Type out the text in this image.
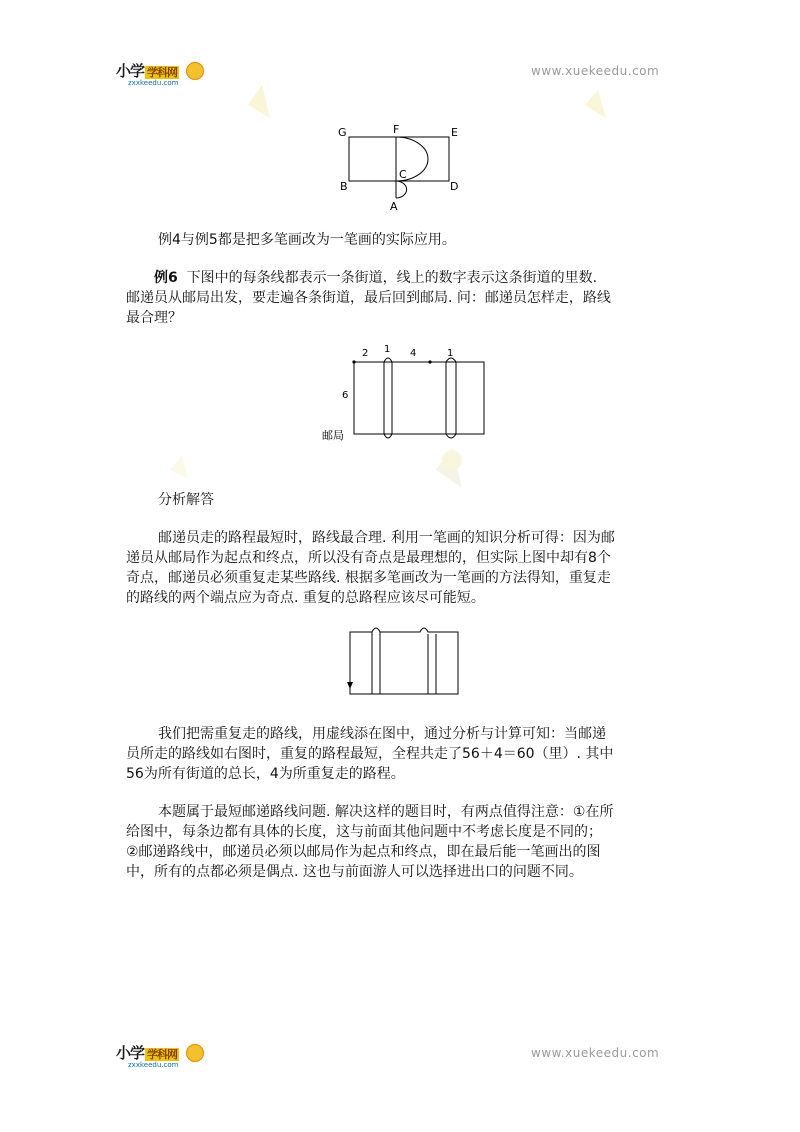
小学 学科网
zxxkeedu.com
www.xuekeedu.com
G	F	E
B
C
D
A
例4与例5都是把多笔画改为一笔画的实际应用。
例6 下图中的每条线都表示一条街道，线上的数字表示这条街道的里数.
邮递员从邮局出发，要走遍各条街道，最后回到邮局. 问：邮递员怎样走，路线
最合理？
2 1 4	1
6
邮局
分析解答
邮递员走的路程最短时，路线最合理. 利用一笔画的知识分析可得：因为邮
递员从邮局作为起点和终点，所以没有奇点是最理想的，但实际上图中却有8个
奇点，邮递员必须重复走某些路线. 根据多笔画改为一笔画的方法得知，重复走
的路线的两个端点应为奇点. 重复的总路程应该尽可能短。
我们把需重复走的路线，用虚线添在图中，通过分析与计算可知：当邮递
员所走的路线如右图时，重复的路程最短，全程共走了56＋4＝60（里）. 其中
56为所有街道的总长，4为所重复走的路程。
本题属于最短邮递路线问题. 解决这样的题目时，有两点值得注意：①在所
给图中，每条边都有具体的长度，这与前面其他问题中不考虑长度是不同的；
②邮递路线中，邮递员必须以邮局作为起点和终点，即在最后能一笔画出的图
中，所有的点都必须是偶点. 这也与前面游人可以选择进出口的问题不同。
小学 学科网
zxxkeedu.com
www.xuekeedu.com
